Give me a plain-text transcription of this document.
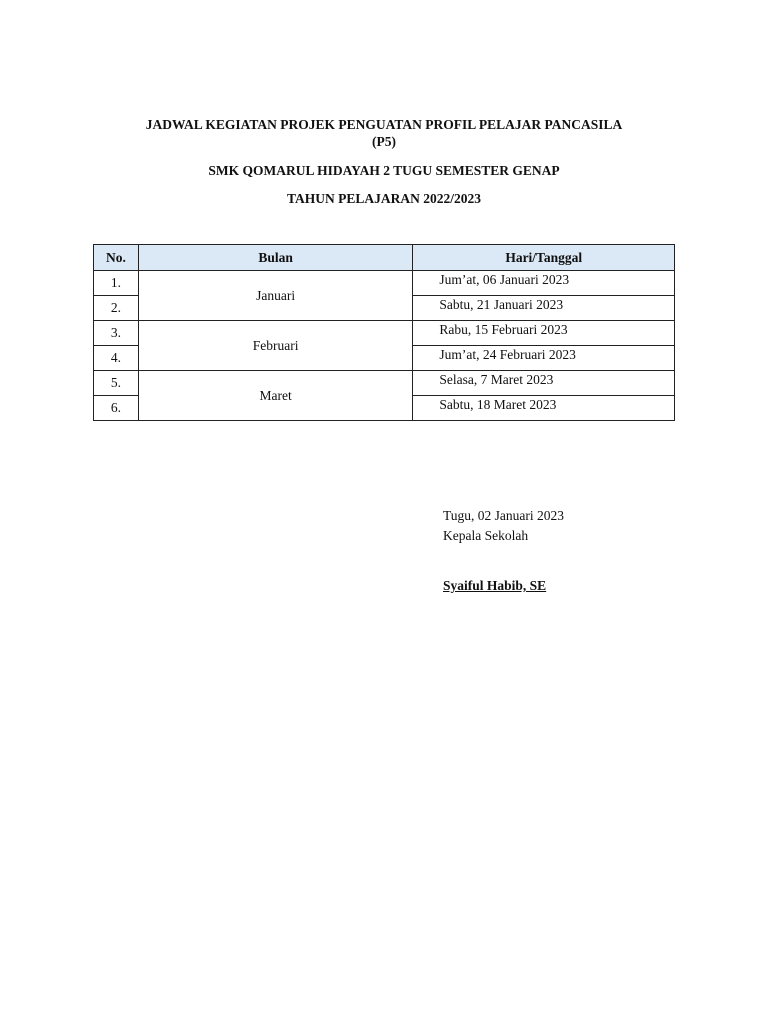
JADWAL KEGIATAN PROJEK PENGUATAN PROFIL PELAJAR PANCASILA

(P5)

SMK QOMARUL HIDAYAH 2 TUGU SEMESTER GENAP

TAHUN PELAJARAN 2022/2023

No.	Bulan	Hari/Tanggal
1.	Januari	Jum’at, 06 Januari 2023
2.		Sabtu, 21 Januari 2023
3.	Februari	Rabu, 15 Februari 2023
4.		Jum’at, 24 Februari 2023
5.	Maret	Selasa, 7 Maret 2023
6.		Sabtu, 18 Maret 2023
Tugu, 02 Januari 2023
Kepala Sekolah
Syaiful Habib, SE
